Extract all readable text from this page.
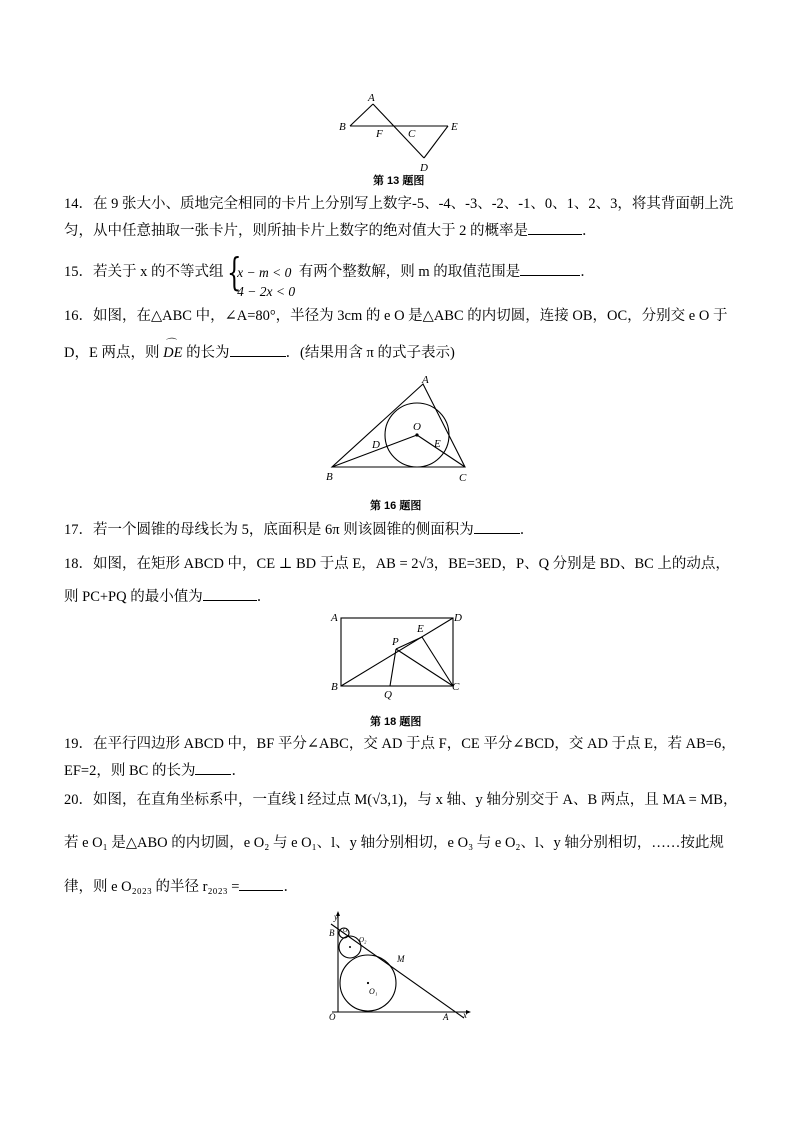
A
B
F C
E
D
第 13 题图
14．在 9 张大小、质地完全相同的卡片上分别写上数字-5、-4、-3、-2、-1、0、1、2、3，将其背面朝上洗
匀，从中任意抽取一张卡片，则所抽卡片上数字的绝对值大于 2 的概率是	．
15．若关于 x 的不等式组 {
x − m < 0
4 − 2x < 0
有两个整数解，则 m 的取值范围是	．
16．如图，在△ABC 中，∠A=80°，半径为 3cm 的 e O 是△ABC 的内切圆，连接 OB，OC，分别交 e O 于
D，E 两点，则 ⌒ DE 的长为	．(结果用含 π 的式子表示)
A
B	C
D	E
O
第 16 题图
17．若一个圆锥的母线长为 5，底面积是 6π 则该圆锥的侧面积为	．
18．如图，在矩形 ABCD 中，CE ⊥ BD 于点 E，AB = 2√3，BE=3ED，P、Q 分别是 BD、BC 上的动点，
则 PC+PQ 的最小值为	．
A
B	C
D
E
P
Q
第 18 题图
19．在平行四边形 ABCD 中，BF 平分∠ABC，交 AD 于点 F，CE 平分∠BCD，交 AD 于点 E，若 AB=6，
EF=2，则 BC 的长为 ．
20．如图，在直角坐标系中，一直线 l 经过点 M(√3,1)，与 x 轴、y 轴分别交于 A、B 两点，且 MA = MB，
若 e O₁ 是△ABO 的内切圆，e O₂ 与 e O₁、l、y 轴分别相切，e O₃ 与 e O₂、l、y 轴分别相切，……按此规
律，则 e O₂₀₂₃ 的半径 r₂₀₂₃ =	．
y
x
B
O	A
M
O₁
O₂
O₃
